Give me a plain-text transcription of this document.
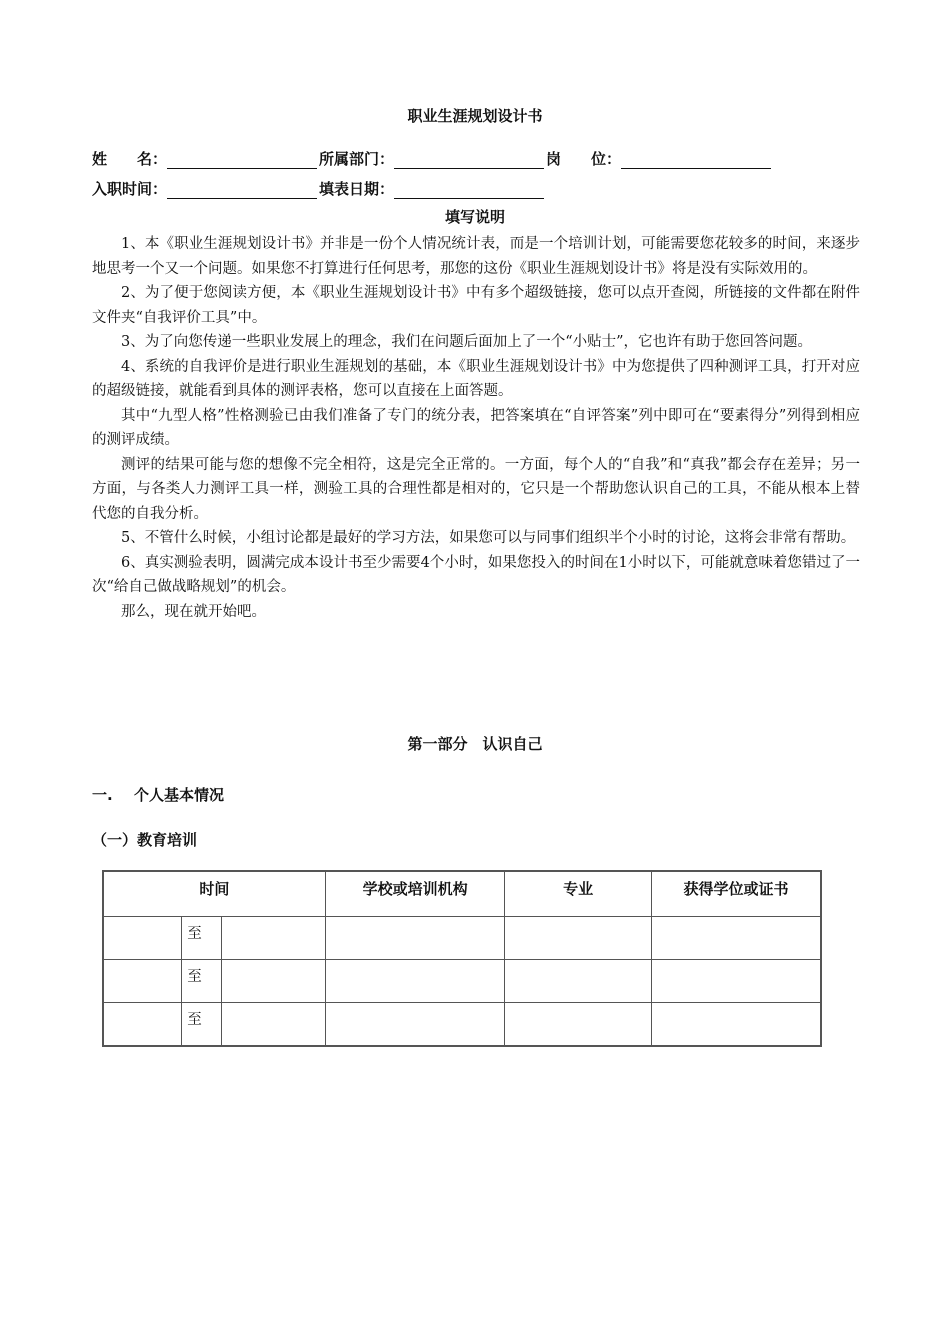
职业生涯规划设计书
姓　　名：	所属部门：	岗　　位：
入职时间：	填表日期：
填写说明

1、本《职业生涯规划设计书》并非是一份个人情况统计表，而是一个培训计划，可能需要您花较多的时间，来逐步地思考一个又一个问题。如果您不打算进行任何思考，那您的这份《职业生涯规划设计书》将是没有实际效用的。

2、为了便于您阅读方便，本《职业生涯规划设计书》中有多个超级链接，您可以点开查阅，所链接的文件都在附件文件夹“自我评价工具”中。

3、为了向您传递一些职业发展上的理念，我们在问题后面加上了一个“小贴士”，它也许有助于您回答问题。

4、系统的自我评价是进行职业生涯规划的基础，本《职业生涯规划设计书》中为您提供了四种测评工具，打开对应的超级链接，就能看到具体的测评表格，您可以直接在上面答题。

其中“九型人格”性格测验已由我们准备了专门的统分表，把答案填在“自评答案”列中即可在“要素得分”列得到相应的测评成绩。

测评的结果可能与您的想像不完全相符，这是完全正常的。一方面，每个人的“自我”和“真我”都会存在差异；另一方面，与各类人力测评工具一样，测验工具的合理性都是相对的，它只是一个帮助您认识自己的工具，不能从根本上替代您的自我分析。

5、不管什么时候，小组讨论都是最好的学习方法，如果您可以与同事们组织半个小时的讨论，这将会非常有帮助。

6、真实测验表明，圆满完成本设计书至少需要4个小时，如果您投入的时间在1小时以下，可能就意味着您错过了一次“给自己做战略规划”的机会。

那么，现在就开始吧。

第一部分　认识自己
一. 个人基本情况
（一）教育培训
时间			学校或培训机构	专业	获得学位或证书
	至				
	至				
	至				
